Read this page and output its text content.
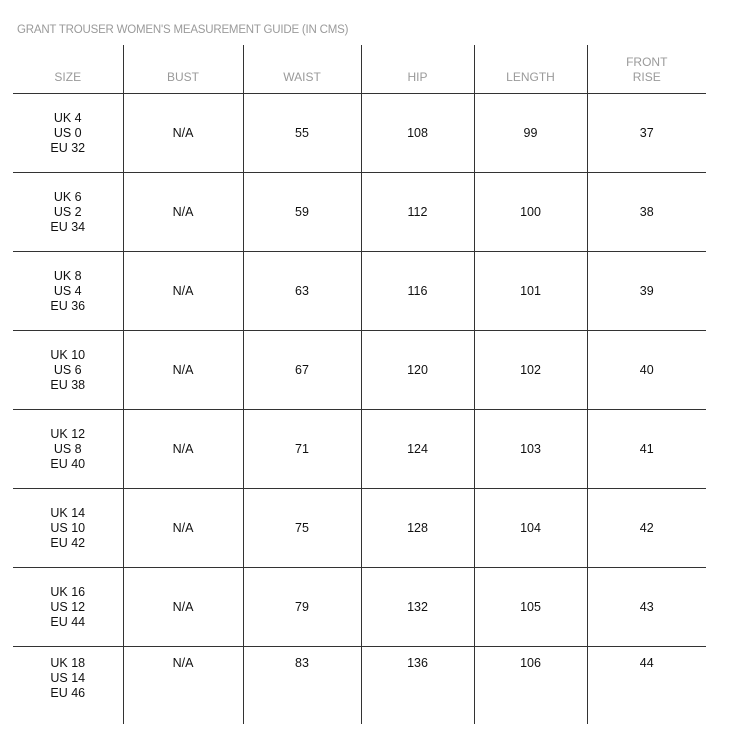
GRANT TROUSER WOMEN'S MEASUREMENT GUIDE (IN CMS)
SIZE	BUST	WAIST	HIP	LENGTH	FRONT
RISE

UK 4
US 0
EU 32	N/A	55	108	99	37

UK 6
US 2
EU 34	N/A	59	112	100	38

UK 8
US 4
EU 36	N/A	63	116	101	39

UK 10
US 6
EU 38	N/A	67	120	102	40

UK 12
US 8
EU 40	N/A	71	124	103	41

UK 14
US 10
EU 42	N/A	75	128	104	42

UK 16
US 12
EU 44	N/A	79	132	105	43

UK 18
US 14
EU 46	N/A	83	136	106	44
